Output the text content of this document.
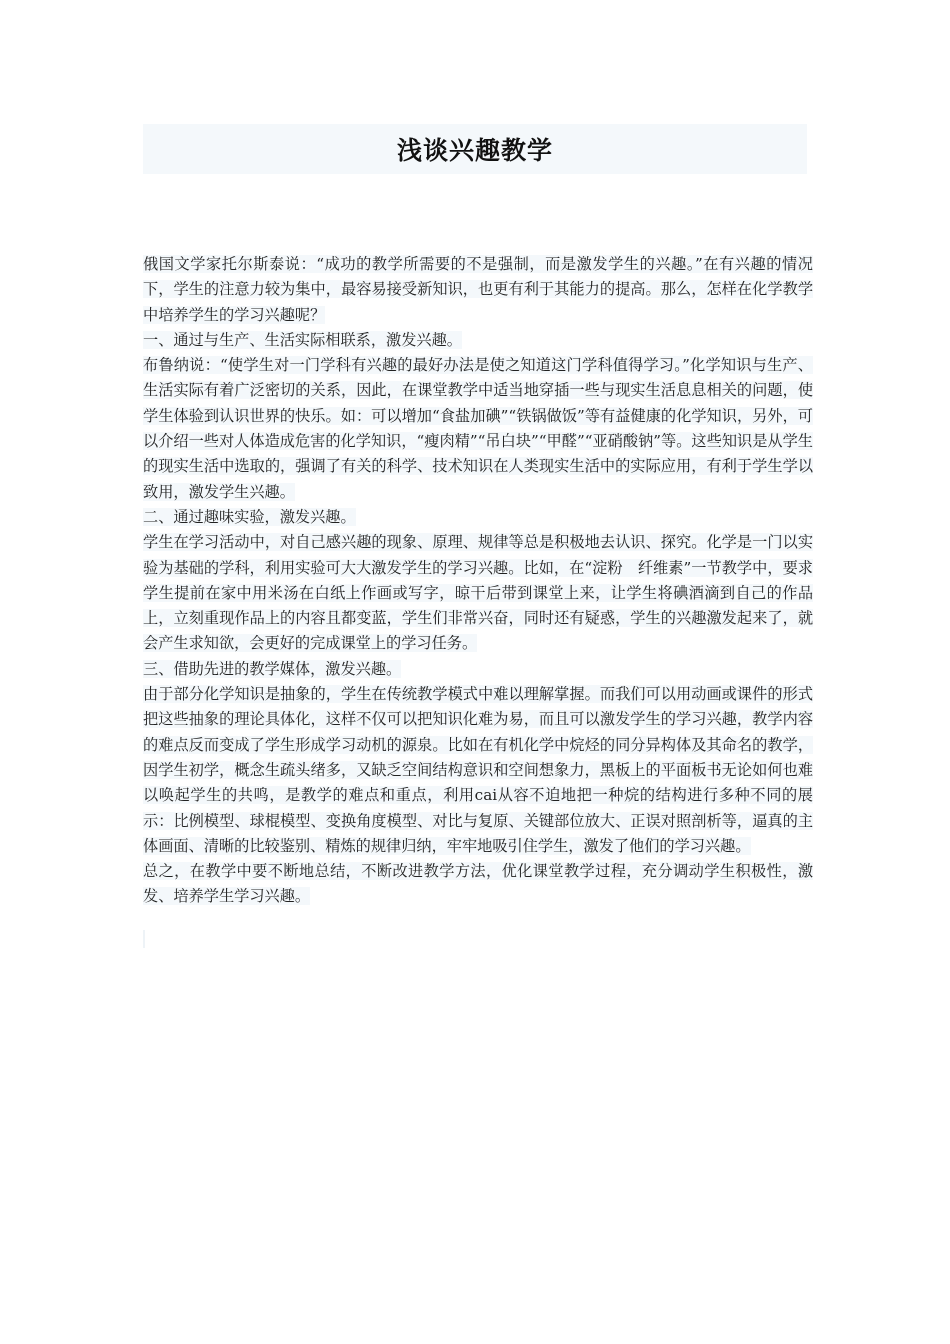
浅谈兴趣教学

俄国文学家托尔斯泰说：“成功的教学所需要的不是强制，而是激发学生的兴趣。”在有兴趣的情况下，学生的注意力较为集中，最容易接受新知识，也更有利于其能力的提高。那么，怎样在化学教学中培养学生的学习兴趣呢？

一、通过与生产、生活实际相联系，激发兴趣。

布鲁纳说：“使学生对一门学科有兴趣的最好办法是使之知道这门学科值得学习。”化学知识与生产、生活实际有着广泛密切的关系，因此，在课堂教学中适当地穿插一些与现实生活息息相关的问题，使学生体验到认识世界的快乐。如：可以增加“食盐加碘”“铁锅做饭”等有益健康的化学知识，另外，可以介绍一些对人体造成危害的化学知识，“瘦肉精”“吊白块”“甲醛”“亚硝酸钠”等。这些知识是从学生的现实生活中选取的，强调了有关的科学、技术知识在人类现实生活中的实际应用，有利于学生学以致用，激发学生兴趣。

二、通过趣味实验，激发兴趣。

学生在学习活动中，对自己感兴趣的现象、原理、规律等总是积极地去认识、探究。化学是一门以实验为基础的学科，利用实验可大大激发学生的学习兴趣。比如，在“淀粉　纤维素”一节教学中，要求学生提前在家中用米汤在白纸上作画或写字，晾干后带到课堂上来，让学生将碘酒滴到自己的作品上，立刻重现作品上的内容且都变蓝，学生们非常兴奋，同时还有疑惑，学生的兴趣激发起来了，就会产生求知欲，会更好的完成课堂上的学习任务。

三、借助先进的教学媒体，激发兴趣。

由于部分化学知识是抽象的，学生在传统教学模式中难以理解掌握。而我们可以用动画或课件的形式把这些抽象的理论具体化，这样不仅可以把知识化难为易，而且可以激发学生的学习兴趣，教学内容的难点反而变成了学生形成学习动机的源泉。比如在有机化学中烷烃的同分异构体及其命名的教学，因学生初学，概念生疏头绪多，又缺乏空间结构意识和空间想象力，黑板上的平面板书无论如何也难以唤起学生的共鸣，是教学的难点和重点，利用cai从容不迫地把一种烷的结构进行多种不同的展示：比例模型、球棍模型、变换角度模型、对比与复原、关键部位放大、正误对照剖析等，逼真的主体画面、清晰的比较鉴别、精炼的规律归纳，牢牢地吸引住学生，激发了他们的学习兴趣。

总之，在教学中要不断地总结，不断改进教学方法，优化课堂教学过程，充分调动学生积极性，激发、培养学生学习兴趣。
